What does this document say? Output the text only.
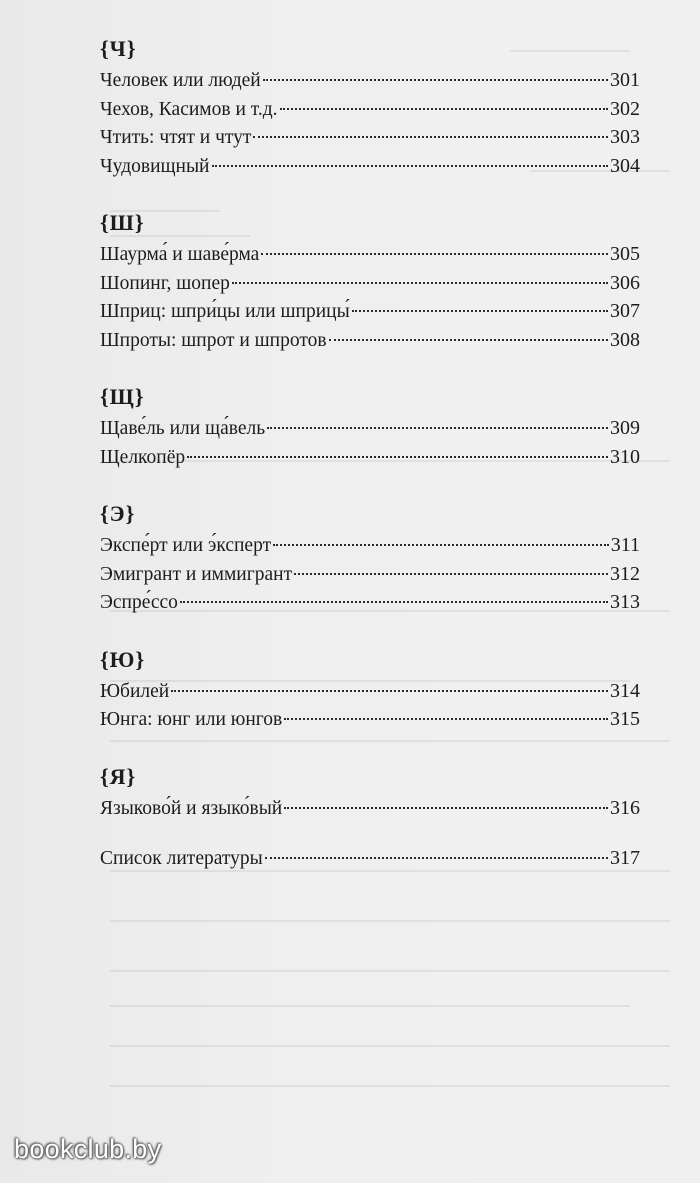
{Ч}
Человек или людей	301
Чехов, Касимов и т.д.	302
Чтить: чтят и чтут	303
Чудовищный	304
{Ш}
Шаурма́ и шаве́рма	305
Шопинг, шопер	306
Шприц: шпри́цы или шприцы́	307
Шпроты: шпрот и шпротов	308
{Щ}
Щаве́ль или ща́вель	309
Щелкопёр	310
{Э}
Экспе́рт или э́ксперт	311
Эмигрант и иммигрант	312
Эспре́ссо	313
{Ю}
Юбилей	314
Юнга: юнг или юнгов	315
{Я}
Языково́й и языко́вый	316
Список литературы	317
bookclub.by
